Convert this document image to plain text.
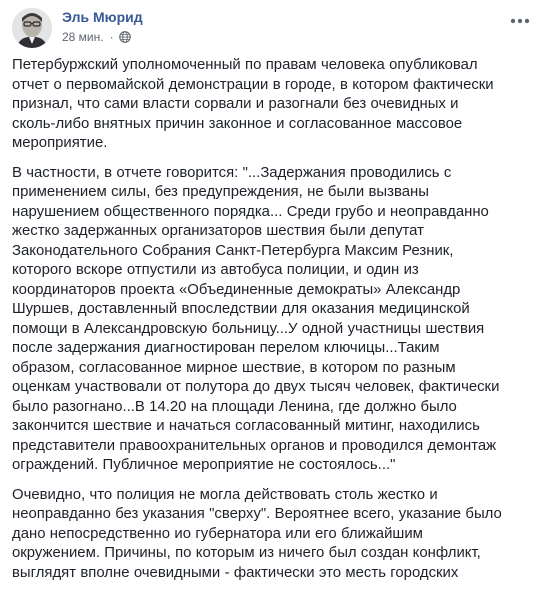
Эль Мюрид
28 мин. ·

Петербуржский уполномоченный по правам человека опубликовал
отчет о первомайской демонстрации в городе, в котором фактически
признал, что сами власти сорвали и разогнали без очевидных и
сколь-либо внятных причин законное и согласованное массовое
мероприятие.

В частности, в отчете говорится: "...Задержания проводились с
применением силы, без предупреждения, не были вызваны
нарушением общественного порядка... Среди грубо и неоправданно
жестко задержанных организаторов шествия были депутат
Законодательного Собрания Санкт-Петербурга Максим Резник,
которого вскоре отпустили из автобуса полиции, и один из
координаторов проекта «Объединенные демократы» Александр
Шуршев, доставленный впоследствии для оказания медицинской
помощи в Александровскую больницу...У одной участницы шествия
после задержания диагностирован перелом ключицы...Таким
образом, согласованное мирное шествие, в котором по разным
оценкам участвовали от полутора до двух тысяч человек, фактически
было разогнано...В 14.20 на площади Ленина, где должно было
закончится шествие и начаться согласованный митинг, находились
представители правоохранительных органов и проводился демонтаж
ограждений. Публичное мероприятие не состоялось..."

Очевидно, что полиция не могла действовать столь жестко и
неоправданно без указания "сверху". Вероятнее всего, указание было
дано непосредственно ио губернатора или его ближайшим
окружением. Причины, по которым из ничего был создан конфликт,
выглядят вполне очевидными - фактически это месть городских
